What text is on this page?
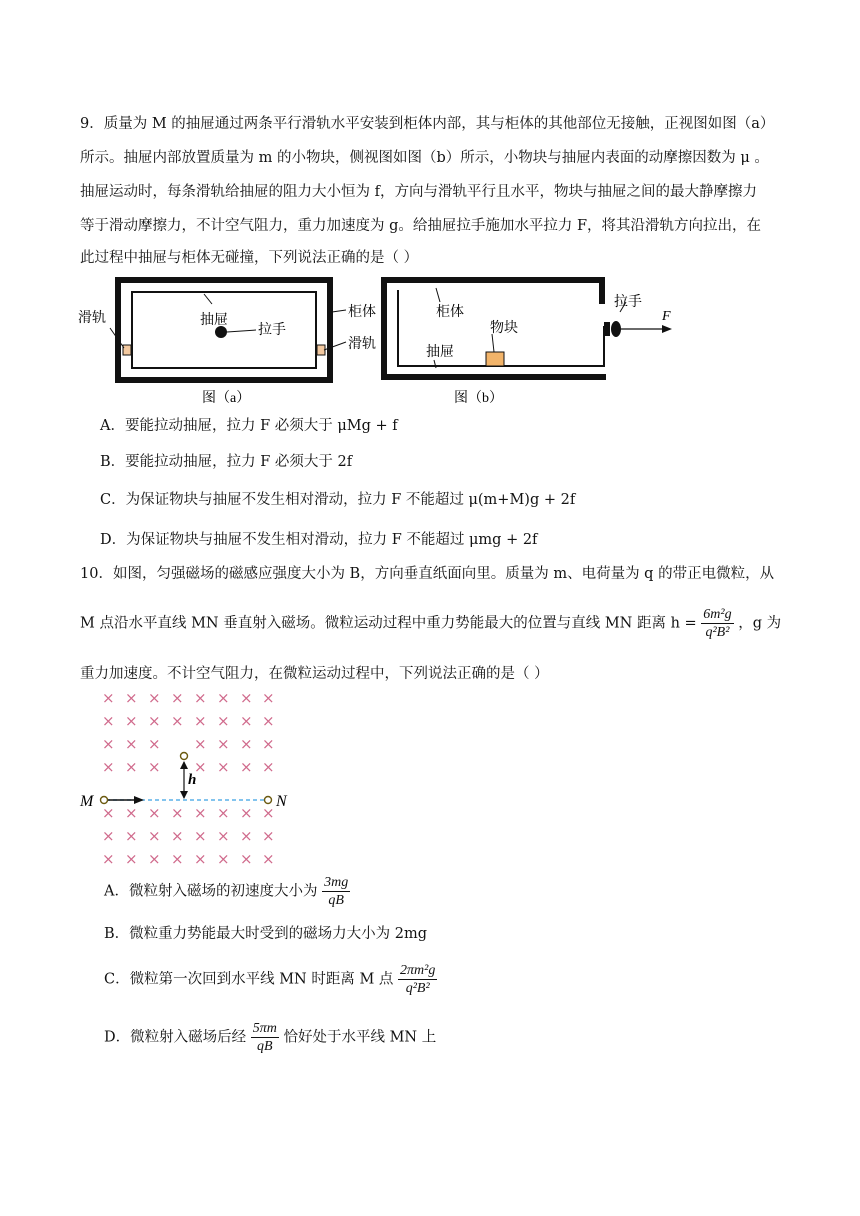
9．质量为 M 的抽屉通过两条平行滑轨水平安装到柜体内部，其与柜体的其他部位无接触，正视图如图（a）
所示。抽屉内部放置质量为 m 的小物块，侧视图如图（b）所示，小物块与抽屉内表面的动摩擦因数为 μ 。
抽屉运动时，每条滑轨给抽屉的阻力大小恒为 f，方向与滑轨平行且水平，物块与抽屉之间的最大静摩擦力
等于滑动摩擦力，不计空气阻力，重力加速度为 g。给抽屉拉手施加水平拉力 F，将其沿滑轨方向拉出，在
此过程中抽屉与柜体无碰撞，下列说法正确的是（ ）
滑轨	抽屉
拉手
柜体
滑轨
图（a）
柜体
物块
抽屉
拉手
F
图（b）
A．要能拉动抽屉，拉力 F 必须大于 μMg + f
B．要能拉动抽屉，拉力 F 必须大于 2f
C．为保证物块与抽屉不发生相对滑动，拉力 F 不能超过 μ(m+M)g + 2f
D．为保证物块与抽屉不发生相对滑动，拉力 F 不能超过 μmg + 2f
10．如图，匀强磁场的磁感应强度大小为 B，方向垂直纸面向里。质量为 m、电荷量为 q 的带正电微粒，从
M 点沿水平直线 MN 垂直射入磁场。微粒运动过程中重力势能最大的位置与直线 MN 距离 $h = \frac{\text{6m²g}}{\text{q²B²}}$ ，g 为
重力加速度。不计空气阻力，在微粒运动过程中，下列说法正确的是（ ）
× × × × × × × ×
× × × × × × × ×
× × × × × × ×
× × × × × × ×
× × × × × × × ×
× × × × × × × ×
× × × × × × × ×
h
M	N
A．微粒射入磁场的初速度大小为 $\frac{3mg}{qB}$
B．微粒重力势能最大时受到的磁场力大小为 2mg
C．微粒第一次回到水平线 MN 时距离 M 点 $\frac{\text{2πm²g}}{\text{q²B²}}$
D．微粒射入磁场后经 $\frac{5\pi m}{qB}$ 恰好处于水平线 MN 上
